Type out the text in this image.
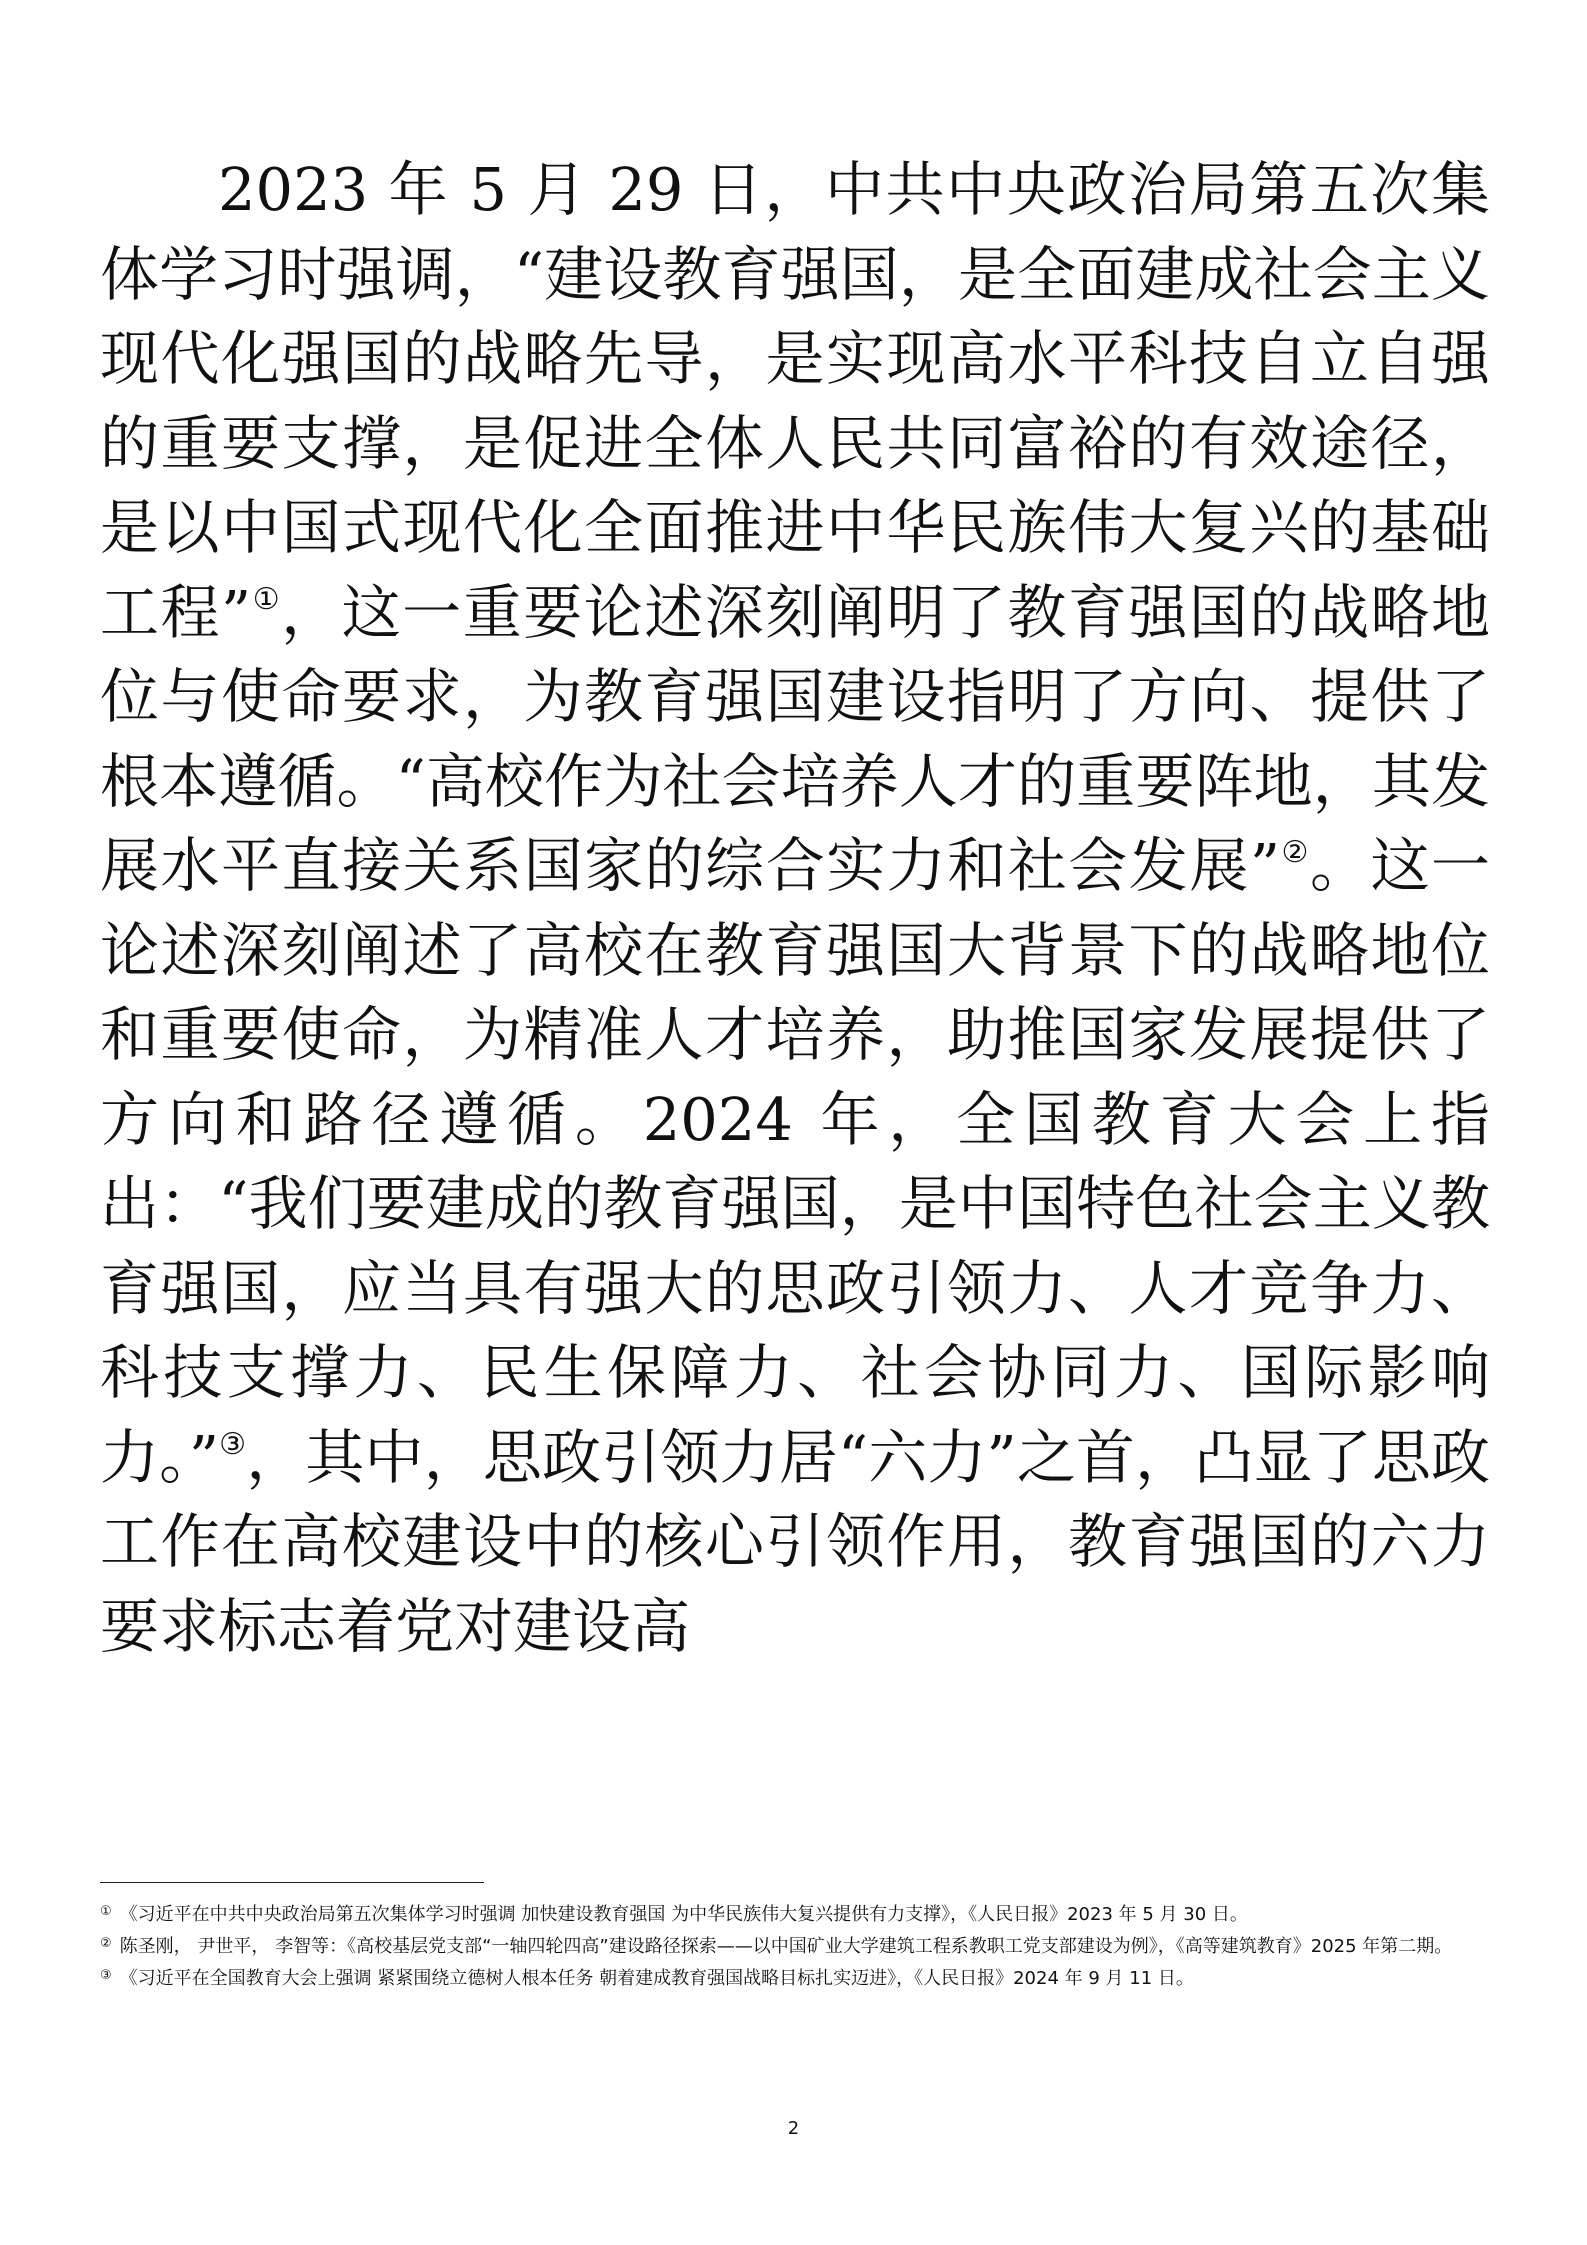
2023 年 5 月 29 日，中共中央政治局第五次集体学习时强调，“建设教育强国，是全面建成社会主义现代化强国的战略先导，是实现高水平科技自立自强的重要支撑，是促进全体人民共同富裕的有效途径，是以中国式现代化全面推进中华民族伟大复兴的基础工程”①，这一重要论述深刻阐明了教育强国的战略地位与使命要求，为教育强国建设指明了方向、提供了根本遵循。“高校作为社会培养人才的重要阵地，其发展水平直接关系国家的综合实力和社会发展”②。这一论述深刻阐述了高校在教育强国大背景下的战略地位和重要使命，为精准人才培养，助推国家发展提供了方向和路径遵循。2024 年，全国教育大会上指出：“我们要建成的教育强国，是中国特色社会主义教育强国，应当具有强大的思政引领力、人才竞争力、科技支撑力、民生保障力、社会协同力、国际影响力。”③，其中，思政引领力居“六力”之首，凸显了思政工作在高校建设中的核心引领作用，教育强国的六力要求标志着党对建设高

① 《习近平在中共中央政治局第五次集体学习时强调 加快建设教育强国 为中华民族伟大复兴提供有力支撑》，《人民日报》2023 年 5 月 30 日。

② 陈圣刚， 尹世平， 李智等：《高校基层党支部“一轴四轮四高”建设路径探索——以中国矿业大学建筑工程系教职工党支部建设为例》，《高等建筑教育》2025 年第二期。

③ 《习近平在全国教育大会上强调 紧紧围绕立德树人根本任务 朝着建成教育强国战略目标扎实迈进》，《人民日报》2024 年 9 月 11 日。

2
